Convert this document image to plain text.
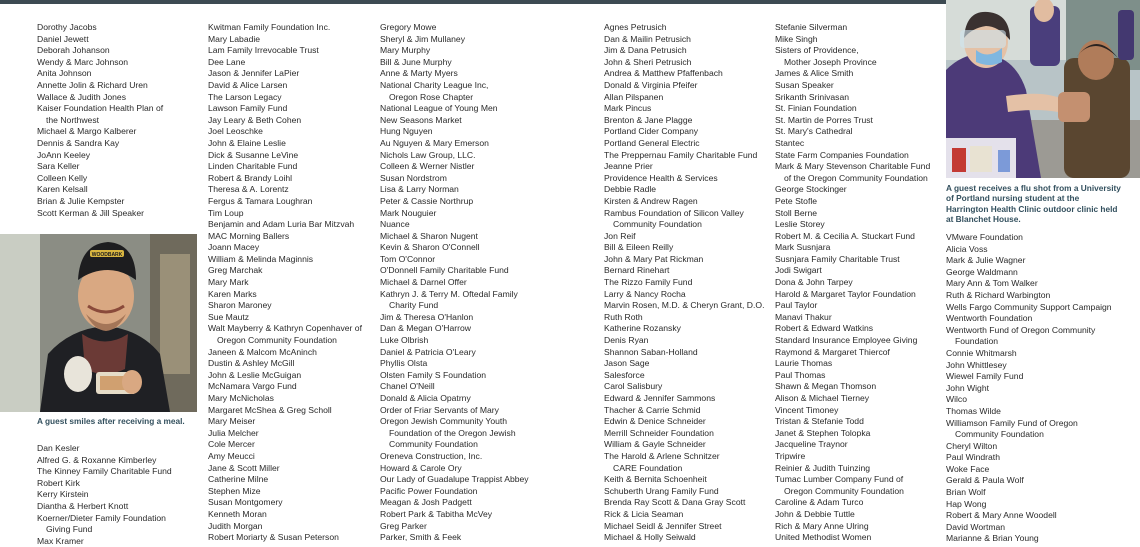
Dorothy Jacobs
Daniel Jewett
Deborah Johanson
Wendy & Marc Johnson
Anita Johnson
Annette Jolin & Richard Uren
Wallace & Judith Jones
Kaiser Foundation Health Plan of
the Northwest
Michael & Margo Kalberer
Dennis & Sandra Kay
JoAnn Keeley
Sara Keller
Colleen Kelly
Karen Kelsall
Brian & Julie Kempster
Scott Kerman & Jill Speaker
Dan Kesler
Alfred G. & Roxanne Kimberley
The Kinney Family Charitable Fund
Robert Kirk
Kerry Kirstein
Diantha & Herbert Knott
Koerner/Dieter Family Foundation
Giving Fund
Max Kramer
Kwitman Family Foundation Inc.
Mary Labadie
Lam Family Irrevocable Trust
Dee Lane
Jason & Jennifer LaPier
David & Alice Larsen
The Larson Legacy
Lawson Family Fund
Jay Leary & Beth Cohen
Joel Leoschke
John & Elaine Leslie
Dick & Susanne LeVine
Linden Charitable Fund
Robert & Brandy Loihl
Theresa & A. Lorentz
Fergus & Tamara Loughran
Tim Loup
Benjamin and Adam Luria Bar Mitzvah
MAC Morning Ballers
Joann Macey
William & Melinda Maginnis
Greg Marchak
Mary Mark
Karen Marks
Sharon Maroney
Sue Mautz
Walt Mayberry & Kathryn Copenhaver of
Oregon Community Foundation
Janeen & Malcom McAninch
Dustin & Ashley McGill
John & Leslie McGuigan
McNamara Vargo Fund
Mary McNicholas
Margaret McShea & Greg Scholl
Mary Meiser
Julia Melcher
Cole Mercer
Amy Meucci
Jane & Scott Miller
Catherine Milne
Stephen Mize
Susan Montgomery
Kenneth Moran
Judith Morgan
Robert Moriarty & Susan Peterson
Gregory Mowe
Sheryl & Jim Mullaney
Mary Murphy
Bill & June Murphy
Anne & Marty Myers
National Charity League Inc,
Oregon Rose Chapter
National League of Young Men
New Seasons Market
Hung Nguyen
Au Nguyen & Mary Emerson
Nichols Law Group, LLC.
Colleen & Werner Nistler
Susan Nordstrom
Lisa & Larry Norman
Peter & Cassie Northrup
Mark Nouguier
Nuance
Michael & Sharon Nugent
Kevin & Sharon O'Connell
Tom O'Connor
O'Donnell Family Charitable Fund
Michael & Darnel Offer
Kathryn J. & Terry M. Oftedal Family
Charity Fund
Jim & Theresa O'Hanlon
Dan & Megan O'Harrow
Luke Olbrish
Daniel & Patricia O'Leary
Phyllis Olsta
Olsten Family S Foundation
Chanel O'Neill
Donald & Alicia Opatrny
Order of Friar Servants of Mary
Oregon Jewish Community Youth
Foundation of the Oregon Jewish
Community Foundation
Oreneva Construction, Inc.
Howard & Carole Ory
Our Lady of Guadalupe Trappist Abbey
Pacific Power Foundation
Meagan & Josh Padgett
Robert Park & Tabitha McVey
Greg Parker
Parker, Smith & Feek
Agnes Petrusich
Dan & Mailin Petrusich
Jim & Dana Petrusich
John & Sheri Petrusich
Andrea & Matthew Pfaffenbach
Donald & Virginia Pfeifer
Allan Pilspanen
Mark Pincus
Brenton & Jane Plagge
Portland Cider Company
Portland General Electric
The Preppernau Family Charitable Fund
Jeanne Prier
Providence Health & Services
Debbie Radle
Kirsten & Andrew Ragen
Rambus Foundation of Silicon Valley
Community Foundation
Jon Reif
Bill & Eileen Reilly
John & Mary Pat Rickman
Bernard Rinehart
The Rizzo Family Fund
Larry & Nancy Rocha
Marvin Rosen, M.D. & Cheryn Grant, D.O.
Ruth Roth
Katherine Rozansky
Denis Ryan
Shannon Saban-Holland
Jason Sage
Salesforce
Carol Salisbury
Edward & Jennifer Sammons
Thacher & Carrie Schmid
Edwin & Denice Schneider
Merrill Schneider Foundation
William & Gayle Schneider
The Harold & Arlene Schnitzer
CARE Foundation
Keith & Bernita Schoenheit
Schuberth Urang Family Fund
Brenda Ray Scott & Dana Gray Scott
Rick & Licia Seaman
Michael Seidl & Jennifer Street
Michael & Holly Seiwald
Stefanie Silverman
Mike Singh
Sisters of Providence,
Mother Joseph Province
James & Alice Smith
Susan Speaker
Srikanth Srinivasan
St. Finian Foundation
St. Martin de Porres Trust
St. Mary's Cathedral
Stantec
State Farm Companies Foundation
Mark & Mary Stevenson Charitable Fund
of the Oregon Community Foundation
George Stockinger
Pete Stofle
Stoll Berne
Leslie Storey
Robert M. & Cecilia A. Stuckart Fund
Mark Susnjara
Susnjara Family Charitable Trust
Jodi Swigart
Dona & John Tarpey
Harold & Margaret Taylor Foundation
Paul Taylor
Manavi Thakur
Robert & Edward Watkins
Standard Insurance Employee Giving
Raymond & Margaret Thiercof
Laurie Thomas
Paul Thomas
Shawn & Megan Thomson
Alison & Michael Tierney
Vincent Timoney
Tristan & Stefanie Todd
Janet & Stephen Tolopka
Jacqueline Traynor
Tripwire
Reinier & Judith Tuinzing
Tumac Lumber Company Fund of
Oregon Community Foundation
Caroline & Adam Turco
John & Debbie Tuttle
Rich & Mary Anne Ulring
United Methodist Women
VMware Foundation
Alicia Voss
Mark & Julie Wagner
George Waldmann
Mary Ann & Tom Walker
Ruth & Richard Warbington
Wells Fargo Community Support Campaign
Wentworth Foundation
Wentworth Fund of Oregon Community
Foundation
Connie Whitmarsh
John Whittlesey
Wiewel Family Fund
John Wight
Wilco
Thomas Wilde
Williamson Family Fund of Oregon
Community Foundation
Cheryl Wilton
Paul Windrath
Woke Face
Gerald & Paula Wolf
Brian Wolf
Hap Wong
Robert & Mary Anne Woodell
David Wortman
Marianne & Brian Young
WOODBARK
A guest smiles after receiving a meal.
A guest receives a flu shot from a University of Portland nursing student at the Harrington Health Clinic outdoor clinic held at Blanchet House.
